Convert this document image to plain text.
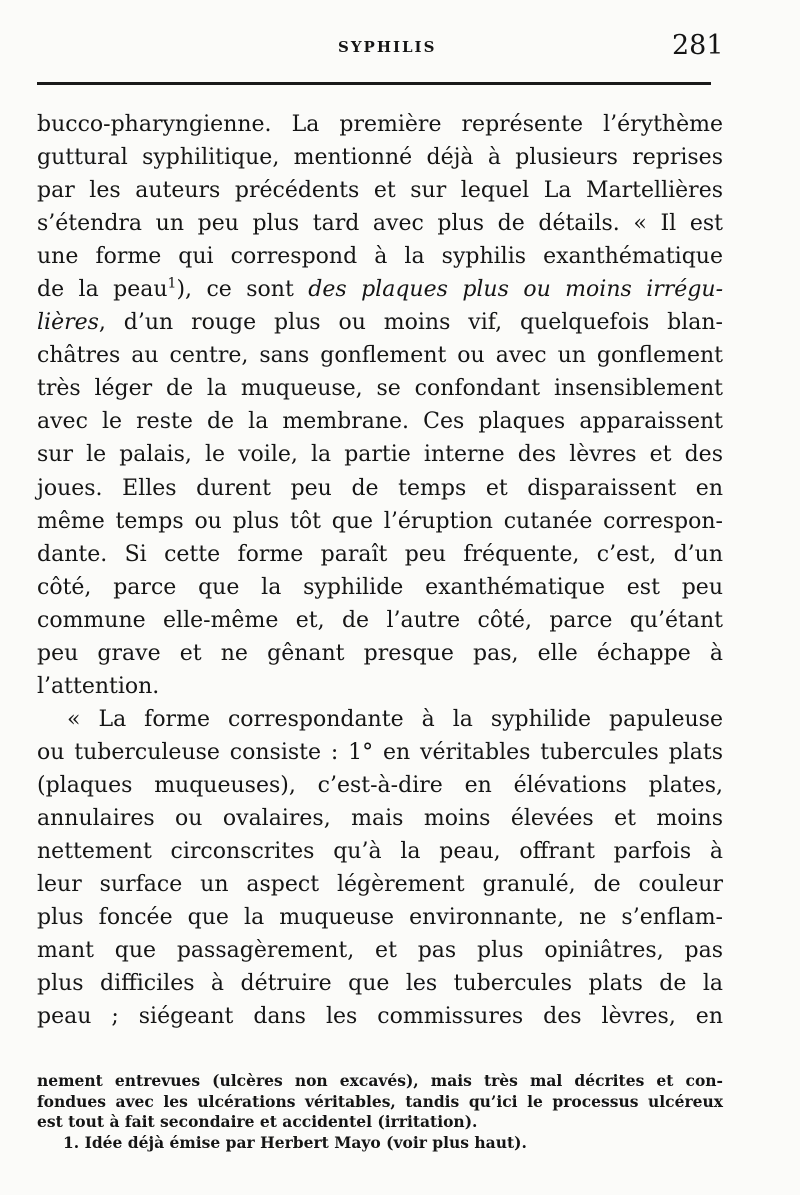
SYPHILIS	281
bucco-pharyngienne. La première représente l’érythème
guttural syphilitique, mentionné déjà à plusieurs reprises
par les auteurs précédents et sur lequel La Martellières
s’étendra un peu plus tard avec plus de détails. « Il est
une forme qui correspond à la syphilis exanthématique
de la peau$^1$), ce sont des plaques plus ou moins irrégu-
lières, d’un rouge plus ou moins vif, quelquefois blan-
châtres au centre, sans gonflement ou avec un gonflement
très léger de la muqueuse, se confondant insensiblement
avec le reste de la membrane. Ces plaques apparaissent
sur le palais, le voile, la partie interne des lèvres et des
joues. Elles durent peu de temps et disparaissent en
même temps ou plus tôt que l’éruption cutanée correspon-
dante. Si cette forme paraît peu fréquente, c’est, d’un
côté, parce que la syphilide exanthématique est peu
commune elle-même et, de l’autre côté, parce qu’étant
peu grave et ne gênant presque pas, elle échappe à
l’attention.
« La forme correspondante à la syphilide papuleuse
ou tuberculeuse consiste : 1° en véritables tubercules plats
(plaques muqueuses), c’est-à-dire en élévations plates,
annulaires ou ovalaires, mais moins élevées et moins
nettement circonscrites qu’à la peau, offrant parfois à
leur surface un aspect légèrement granulé, de couleur
plus foncée que la muqueuse environnante, ne s’enflam-
mant que passagèrement, et pas plus opiniâtres, pas
plus difficiles à détruire que les tubercules plats de la
peau ; siégeant dans les commissures des lèvres, en
nement entrevues (ulcères non excavés), mais très mal décrites et con-
fondues avec les ulcérations véritables, tandis qu’ici le processus ulcéreux
est tout à fait secondaire et accidentel (irritation).
1. Idée déjà émise par Herbert Mayo (voir plus haut).
